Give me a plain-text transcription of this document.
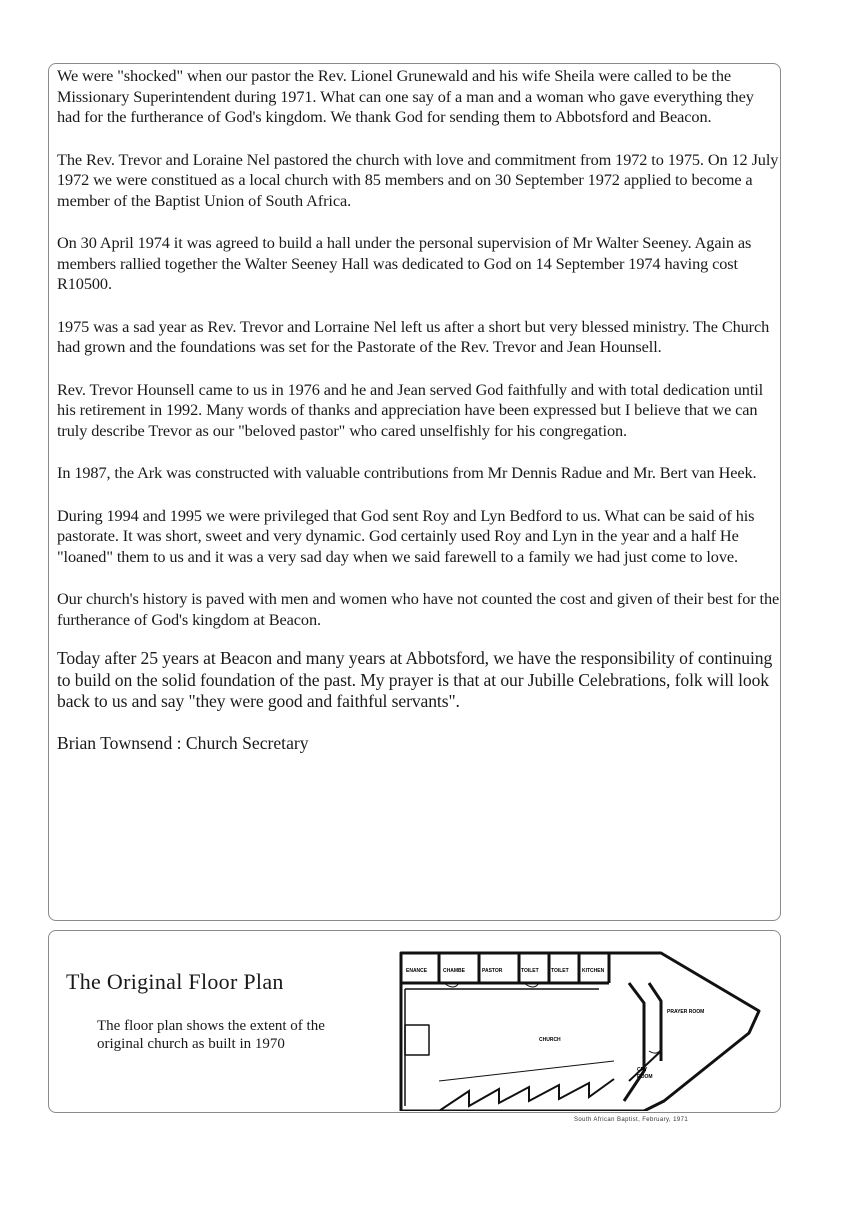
We were "shocked" when our pastor the Rev. Lionel Grunewald and his wife Sheila were called to be the Missionary Superintendent during 1971. What can one say of a man and a woman who gave everything they had for the furtherance of God's kingdom. We thank God for sending them to Abbotsford and Beacon.

The Rev. Trevor and Loraine Nel pastored the church with love and commitment from 1972 to 1975. On 12 July 1972 we were constitued as a local church with 85 members and on 30 September 1972 applied to become a member of the Baptist Union of South Africa.

On 30 April 1974 it was agreed to build a hall under the personal supervision of Mr Walter Seeney. Again as members rallied together the Walter Seeney Hall was dedicated to God on 14 September 1974 having cost R10500.

1975 was a sad year as Rev. Trevor and Lorraine Nel left us after a short but very blessed ministry. The Church had grown and the foundations was set for the Pastorate of the Rev. Trevor and Jean Hounsell.

Rev. Trevor Hounsell came to us in 1976 and he and Jean served God faithfully and with total dedication until his retirement in 1992. Many words of thanks and appreciation have been expressed but I believe that we can truly describe Trevor as our "beloved pastor" who cared unselfishly for his congregation.

In 1987, the Ark was constructed with valuable contributions from Mr Dennis Radue and Mr. Bert van Heek.

During 1994 and 1995 we were privileged that God sent Roy and Lyn Bedford to us. What can be said of his pastorate. It was short, sweet and very dynamic. God certainly used Roy and Lyn in the year and a half He "loaned" them to us and it was a very sad day when we said farewell to a family we had just come to love.

Our church's history is paved with men and women who have not counted the cost and given of their best for the furtherance of God's kingdom at Beacon.

Today after 25 years at Beacon and many years at Abbotsford, we have the responsibility of continuing to build on the solid foundation of the past. My prayer is that at our Jubille Celebrations, folk will look back to us and say "they were good and faithful servants".

Brian Townsend : Church Secretary
The Original Floor Plan
The floor plan shows the extent of the original church as built in 1970
ENANCE	CHAMBE	PASTOR	TOILET TOILET	KITCHEN
PRAYER ROOM
CHURCH
CRY
ROOM
South African Baptist, February, 1971
